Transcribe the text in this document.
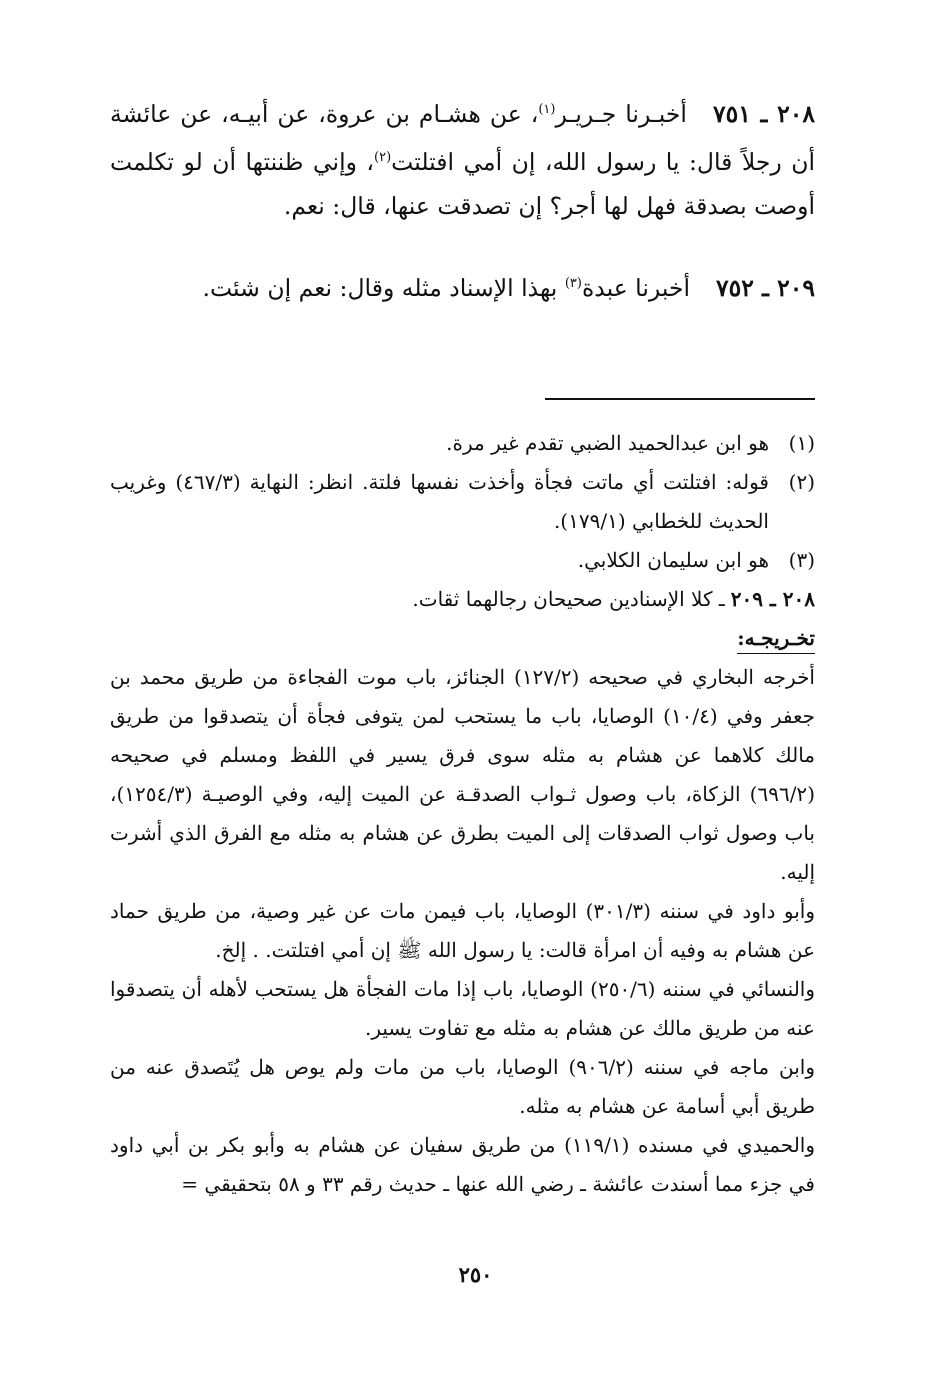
٢٠٨ ـ ٧٥١أخبـرنا جـريـر$^{(١)}$، عن هشـام بن عروة، عن أبيـه، عن عائشة أن رجلاً قال: يا رسول الله، إن أمي افتلتت$^{(٢)}$، وإني ظننتها أن لو تكلمت أوصت بصدقة فهل لها أجر؟ إن تصدقت عنها، قال: نعم.

٢٠٩ ـ ٧٥٢أخبرنا عبدة$^{(٣)}$ بهذا الإسناد مثله وقال: نعم إن شئت.

(١)
هو ابن عبدالحميد الضبي تقدم غير مرة.
(٢)
قوله: افتلتت أي ماتت فجأة وأخذت نفسها فلتة. انظر: النهاية (٤٦٧/٣) وغريب الحديث للخطابي (١٧٩/١).
(٣)
هو ابن سليمان الكلابي.
٢٠٨ ـ ٢٠٩
ـ كلا الإسنادين صحيحان رجالهما ثقات.
تخـريجـه:

أخرجه البخاري في صحيحه (١٢٧/٢) الجنائز، باب موت الفجاءة من طريق محمد بن جعفر وفي (١٠/٤) الوصايا، باب ما يستحب لمن يتوفى فجأة أن يتصدقوا من طريق مالك كلاهما عن هشام به مثله سوى فرق يسير في اللفظ ومسلم في صحيحه (٦٩٦/٢) الزكاة، باب وصول ثـواب الصدقـة عن الميت إليه، وفي الوصيـة (١٢٥٤/٣)، باب وصول ثواب الصدقات إلى الميت بطرق عن هشام به مثله مع الفرق الذي أشرت إليه.

وأبو داود في سننه (٣٠١/٣) الوصايا، باب فيمن مات عن غير وصية، من طريق حماد عن هشام به وفيه أن امرأة قالت: يا رسول الله ﷺ إن أمي افتلتت. . إلخ.

والنسائي في سننه (٢٥٠/٦) الوصايا، باب إذا مات الفجأة هل يستحب لأهله أن يتصدقوا عنه من طريق مالك عن هشام به مثله مع تفاوت يسير.

وابن ماجه في سننه (٩٠٦/٢) الوصايا، باب من مات ولم يوص هل يُتَصدق عنه من طريق أبي أسامة عن هشام به مثله.

والحميدي في مسنده (١١٩/١) من طريق سفيان عن هشام به وأبو بكر بن أبي داود في جزء مما أسندت عائشة ـ رضي الله عنها ـ حديث رقم ٣٣ و ٥٨ بتحقيقي =

٢٥٠
